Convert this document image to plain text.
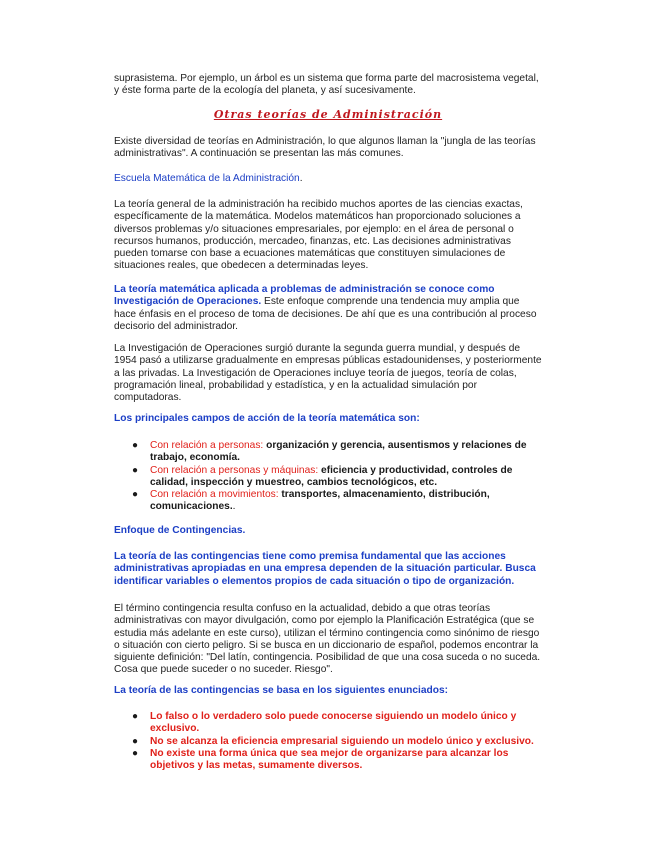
suprasistema. Por ejemplo, un árbol es un sistema que forma parte del macrosistema vegetal, y éste forma parte de la ecología del planeta, y así sucesivamente.

Otras teorías de Administración

Existe diversidad de teorías en Administración, lo que algunos llaman la "jungla de las teorías administrativas". A continuación se presentan las más comunes.

Escuela Matemática de la Administración.

La teoría general de la administración ha recibido muchos aportes de las ciencias exactas, específicamente de la matemática. Modelos matemáticos han proporcionado soluciones a diversos problemas y/o situaciones empresariales, por ejemplo: en el área de personal o recursos humanos, producción, mercadeo, finanzas, etc. Las decisiones administrativas pueden tomarse con base a ecuaciones matemáticas que constituyen simulaciones de situaciones reales, que obedecen a determinadas leyes.

La teoría matemática aplicada a problemas de administración se conoce como Investigación de Operaciones. Este enfoque comprende una tendencia muy amplia que hace énfasis en el proceso de toma de decisiones. De ahí que es una contribución al proceso decisorio del administrador.

La Investigación de Operaciones surgió durante la segunda guerra mundial, y después de 1954 pasó a utilizarse gradualmente en empresas públicas estadounidenses, y posteriormente a las privadas. La Investigación de Operaciones incluye teoría de juegos, teoría de colas, programación lineal, probabilidad y estadística, y en la actualidad simulación por computadoras.

Los principales campos de acción de la teoría matemática son:

● Con relación a personas: organización y gerencia, ausentismos y relaciones de trabajo, economía.
● Con relación a personas y máquinas: eficiencia y productividad, controles de calidad, inspección y muestreo, cambios tecnológicos, etc.
● Con relación a movimientos: transportes, almacenamiento, distribución, comunicaciones..

Enfoque de Contingencias.

La teoría de las contingencias tiene como premisa fundamental que las acciones administrativas apropiadas en una empresa dependen de la situación particular. Busca identificar variables o elementos propios de cada situación o tipo de organización.

El término contingencia resulta confuso en la actualidad, debido a que otras teorías administrativas con mayor divulgación, como por ejemplo la Planificación Estratégica (que se estudia más adelante en este curso), utilizan el término contingencia como sinónimo de riesgo o situación con cierto peligro. Si se busca en un diccionario de español, podemos encontrar la siguiente definición: "Del latín, contingencia. Posibilidad de que una cosa suceda o no suceda. Cosa que puede suceder o no suceder. Riesgo".

La teoría de las contingencias se basa en los siguientes enunciados:

● Lo falso o lo verdadero solo puede conocerse siguiendo un modelo único y exclusivo.
● No se alcanza la eficiencia empresarial siguiendo un modelo único y exclusivo.
● No existe una forma única que sea mejor de organizarse para alcanzar los objetivos y las metas, sumamente diversos.
